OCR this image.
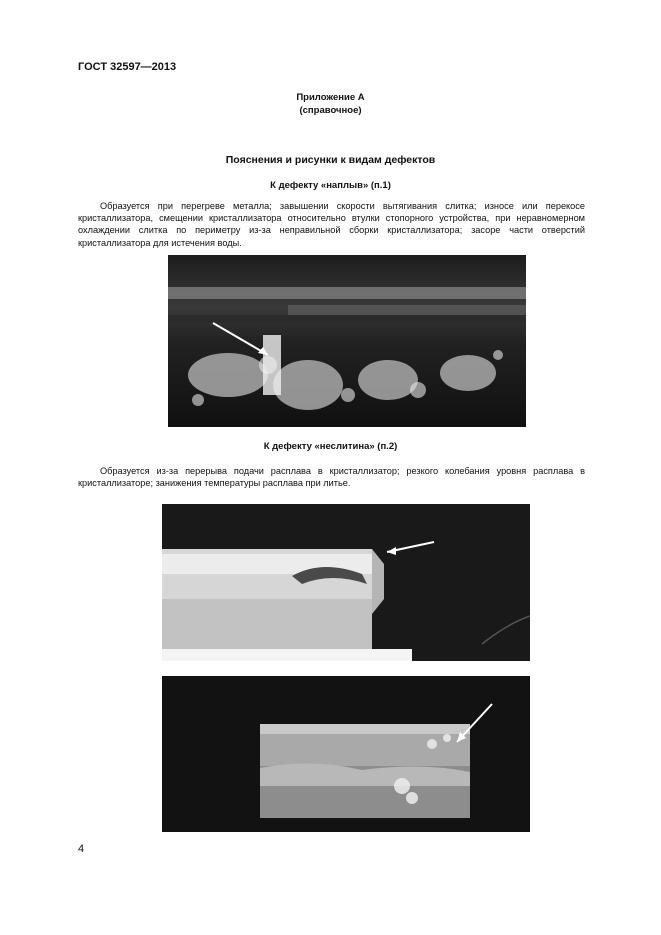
ГОСТ 32597—2013
Приложение А
(справочное)
Пояснения и рисунки к видам дефектов
К дефекту «наплыв» (п.1)
Образуется при перегреве металла; завышении скорости вытягивания слитка; износе или перекосе кристаллизатора, смещении кристаллизатора относительно втулки стопорного устройства, при неравномерном охлаждении слитка по периметру из-за неправильной сборки кристаллизатора; засоре части отверстий кристаллизатора для истечения воды.
К дефекту «неслитина» (п.2)
Образуется из-за перерыва подачи расплава в кристаллизатор; резкого колебания уровня расплава в кристаллизаторе; занижения температуры расплава при литье.
4
